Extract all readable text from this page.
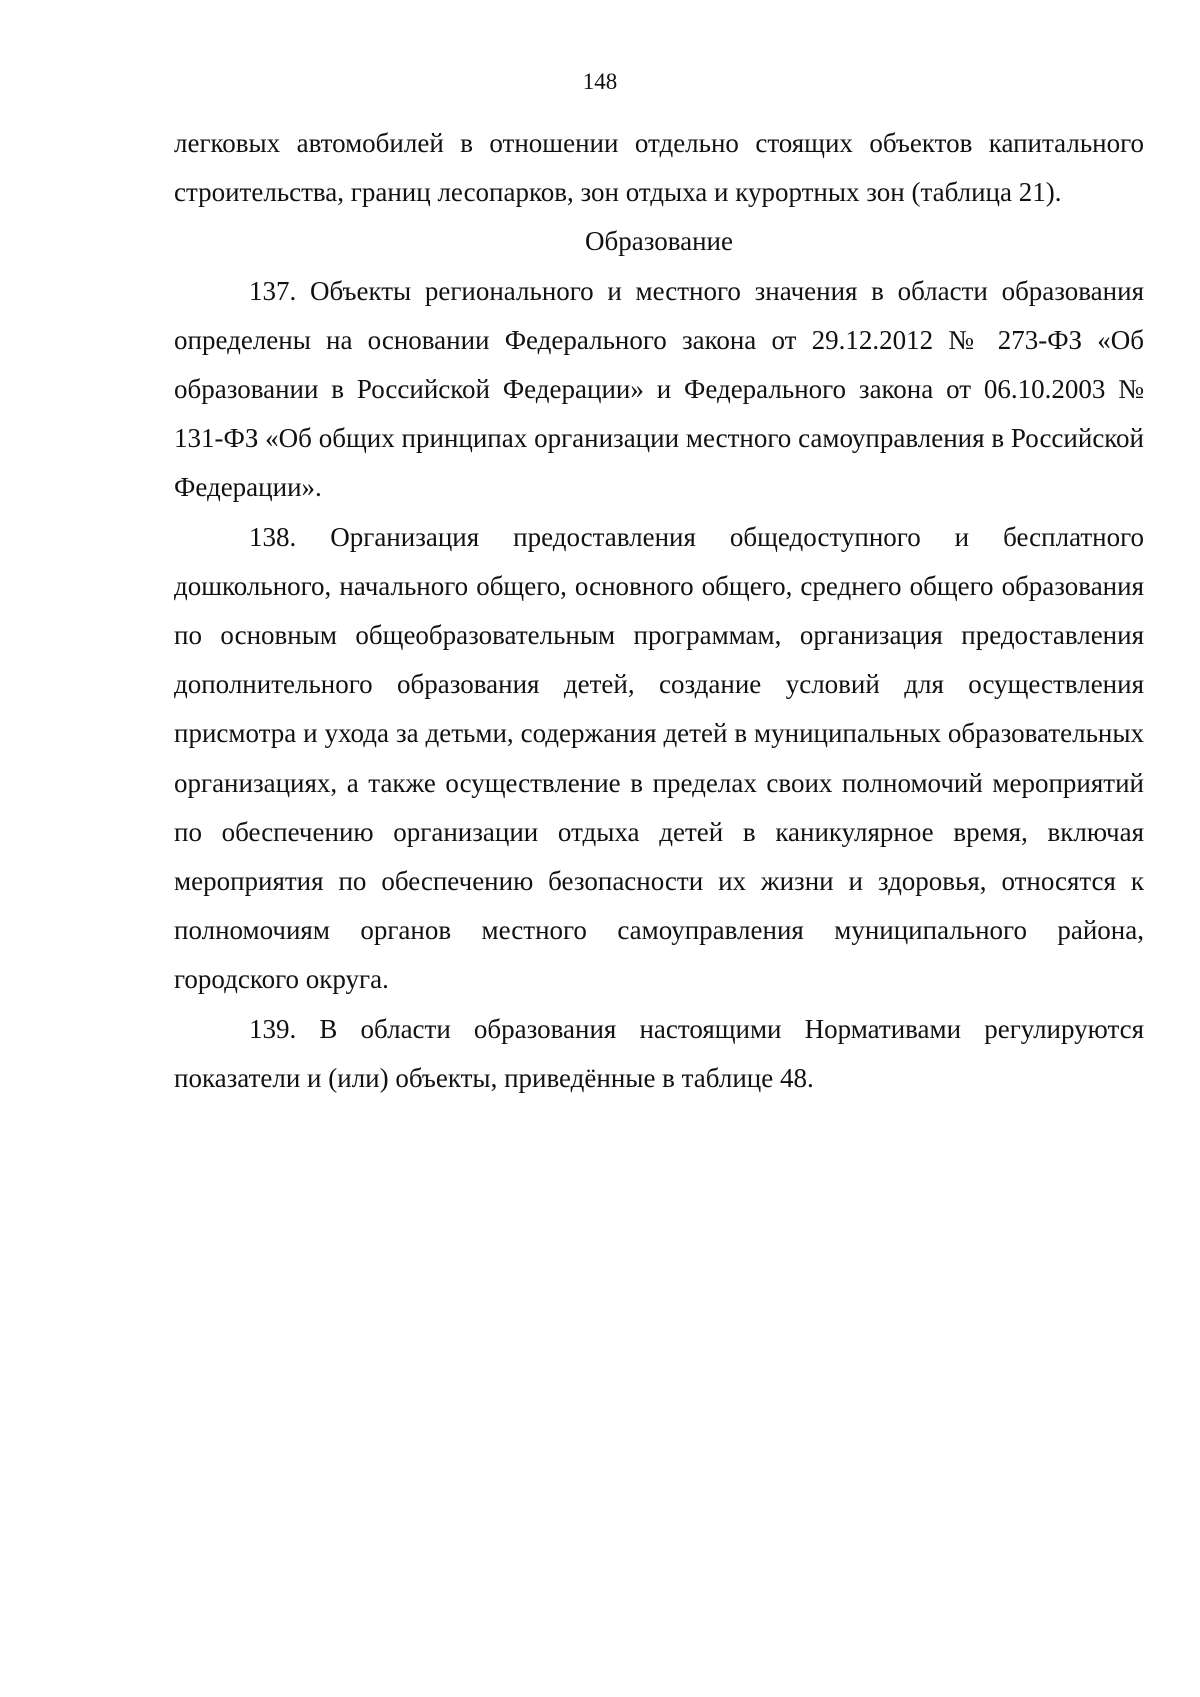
148

легковых автомобилей в отношении отдельно стоящих объектов капитального строительства, границ лесопарков, зон отдыха и курортных зон (таблица 21).

Образование

137. Объекты регионального и местного значения в области образования определены на основании Федерального закона от 29.12.2012 № 273-ФЗ «Об образовании в Российской Федерации» и Федерального закона от 06.10.2003 № 131-ФЗ «Об общих принципах организации местного самоуправления в Российской Федерации».

138. Организация предоставления общедоступного и бесплатного дошкольного, начального общего, основного общего, среднего общего образования по основным общеобразовательным программам, организация предоставления дополнительного образования детей, создание условий для осуществления присмотра и ухода за детьми, содержания детей в муниципальных образовательных организациях, а также осуществление в пределах своих полномочий мероприятий по обеспечению организации отдыха детей в каникулярное время, включая мероприятия по обеспечению безопасности их жизни и здоровья, относятся к полномочиям органов местного самоуправления муниципального района, городского округа.

139. В области образования настоящими Нормативами регулируются показатели и (или) объекты, приведённые в таблице 48.
